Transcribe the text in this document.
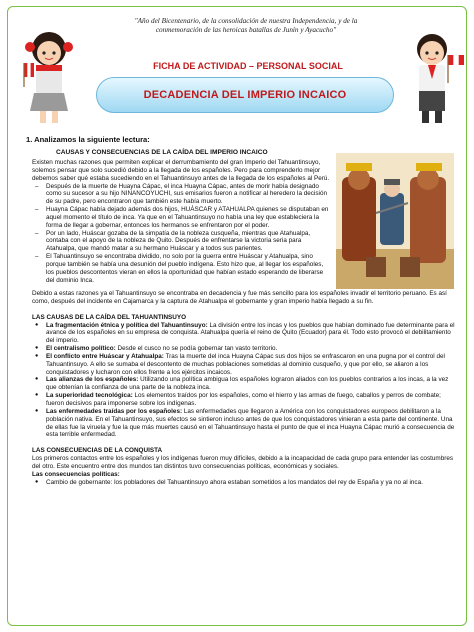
"Año del Bicentenario, de la consolidación de nuestra Independencia, y de la conmemoración de las heroicas batallas de Junín y Ayacucho"
FICHA DE ACTIVIDAD – PERSONAL SOCIAL
DECADENCIA DEL IMPERIO INCAICO
1. Analizamos la siguiente lectura:
CAUSAS Y CONSECUENCIAS DE LA CAÍDA DEL IMPERIO INCAICO

Existen muchas razones que permiten explicar el derrumbamiento del gran Imperio del Tahuantinsuyo, solemos pensar que solo sucedió debido a la llegada de los españoles. Pero para comprenderlo mejor debemos saber qué estaba sucediendo en el Tahuantinsuyo antes de la llegada de los españoles al Perú.

– Después de la muerte de Huayna Cápac, el inca Huayna Cápac, antes de morir había designado como su sucesor a su hijo NINANCOYUCHI, sus emisarios fueron a notificar al heredero la decisión de su padre, pero encontraron que también este había muerto.
– Huayna Cápac había dejado además dos hijos, HUÁSCAR y ATAHUALPA quienes se disputaban en aquel momento el título de inca. Ya que en el Tahuantinsuyo no había una ley que estableciera la forma de llegar a gobernar, entonces los hermanos se enfrentaron por el poder.
– Por un lado, Huáscar gozaba de la simpatía de la nobleza cusqueña, mientras que Atahualpa, contaba con el apoyo de la nobleza de Quito. Después de enfrentarse la victoria seria para Atahualpa, que mandó matar a su hermano Huáscar y a todos sus parientes.
– El Tahuantinsuyo se encontraba dividido, no solo por la guerra entre Huáscar y Atahualpa, sino porque también se había una desunión del pueblo indígena. Esto hizo que, al llegar los españoles, los pueblos descontentos vieran en ellos la oportunidad que habían estado esperando de liberarse del dominio Inca.

Debido a estas razones ya el Tahuantinsuyo se encontraba en decadencia y fue más sencillo para los españoles invadir el territorio peruano. Es así como, después del incidente en Cajamarca y la captura de Atahualpa el gobernante y gran imperio había llegado a su fin.

LAS CAUSAS DE LA CAÍDA DEL TAHUANTINSUYO

● La fragmentación étnica y política del Tahuantinsuyo: La división entre los incas y los pueblos que habían dominado fue determinante para el avance de los españoles en su empresa de conquista. Atahualpa quería el reino de Quito (Ecuador) para él. Todo esto provocó el debilitamiento del imperio.
● El centralismo político: Desde el cusco no se podía gobernar tan vasto territorio.
● El conflicto entre Huáscar y Atahualpa: Tras la muerte del inca Huayna Cápac sus dos hijos se enfrascaron en una pugna por el control del Tahuantinsuyo. A ello se sumaba el descontento de muchas poblaciones sometidas al dominio cusqueño, y que por ello, se aliaron a los conquistadores y lucharon con ellos frente a los ejércitos incaicos.
● Las alianzas de los españoles: Utilizando una política ambigua los españoles lograron aliados con los pueblos contrarios a los incas, a la vez que obtenían la confianza de una parte de la nobleza inca.
● La superioridad tecnológica: Los elementos traídos por los españoles, como el hierro y las armas de fuego, caballos y perros de combate; fueron decisivos para imponerse sobre los indígenas.
● Las enfermedades traídas por los españoles: Las enfermedades que llegaron a América con los conquistadores europeos debilitaron a la población nativa. En el Tahuantinsuyo, sus efectos se sintieron incluso antes de que los conquistadores vinieran a esta parte del continente. Una de ellas fue la viruela y fue la que más muertes causó en el Tahuantinsuyo hasta el punto de que el inca Huayna Cápac murió a consecuencia de esta terrible enfermedad.

LAS CONSECUENCIAS DE LA CONQUISTA

Los primeros contactos entre los españoles y los indígenas fueron muy difíciles, debido a la incapacidad de cada grupo para entender las costumbres del otro. Este encuentro entre dos mundos tan distintos tuvo consecuencias políticas, económicas y sociales.

Las consecuencias políticas:

● Cambio de gobernante: los pobladores del Tahuantinsuyo ahora estaban sometidos a los mandatos del rey de España y ya no al inca.
